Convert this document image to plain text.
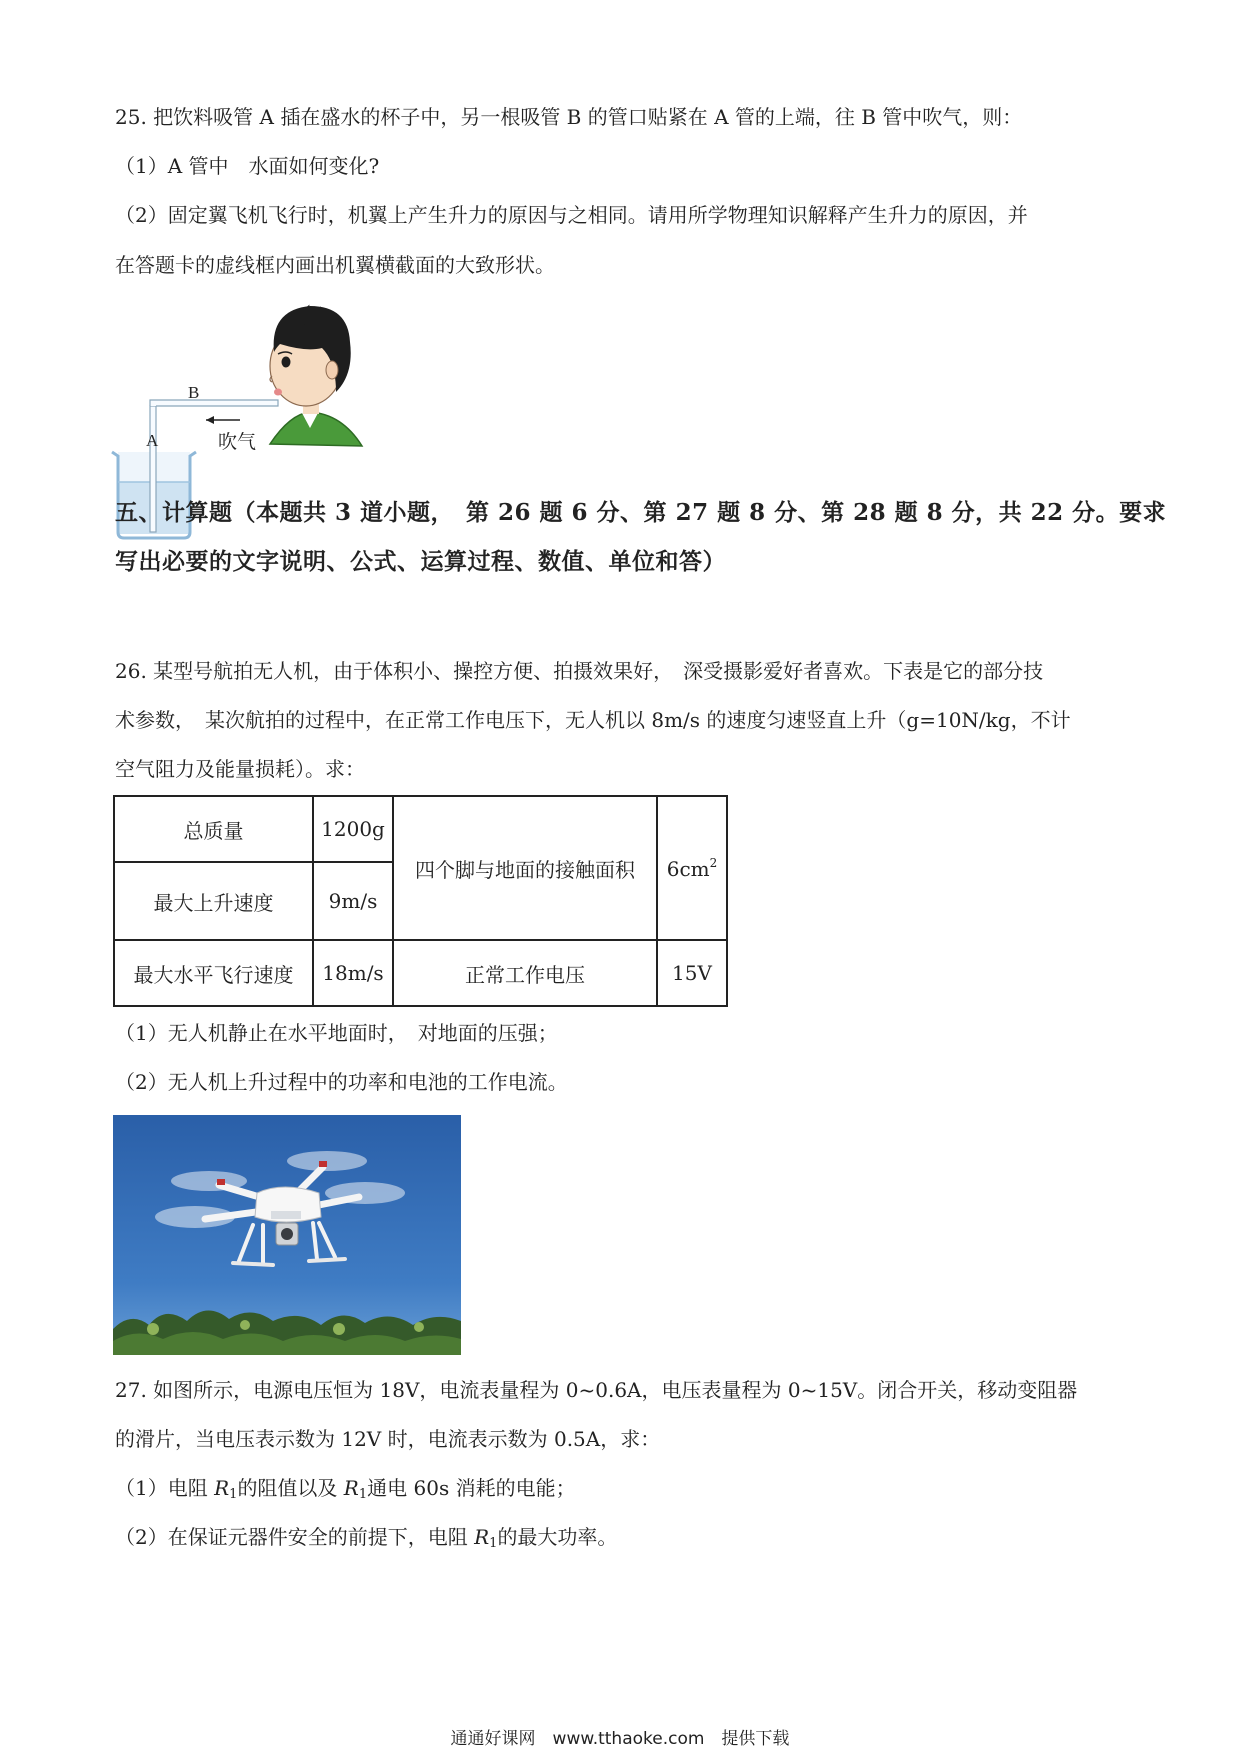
25. 把饮料吸管 A 插在盛水的杯子中，另一根吸管 B 的管口贴紧在 A 管的上端，往 B 管中吹气，则：
（1）A 管中　水面如何变化?
（2）固定翼飞机飞行时，机翼上产生升力的原因与之相同。请用所学物理知识解释产生升力的原因，并
在答题卡的虚线框内画出机翼横截面的大致形状。
B
A	吹气
五、计算题（本题共 3 道小题，　第 26 题 6 分、第 27 题 8 分、第 28 题 8 分，共 22 分。要求
写出必要的文字说明、公式、运算过程、数值、单位和答）
26. 某型号航拍无人机，由于体积小、操控方便、拍摄效果好，　深受摄影爱好者喜欢。下表是它的部分技
术参数，　某次航拍的过程中，在正常工作电压下，无人机以 8m/s 的速度匀速竖直上升（g=10N/kg，不计
空气阻力及能量损耗）。求：
总质量	1200g	四个脚与地面的接触面积	$6cm^2$
最大上升速度	9m/s		
最大水平飞行速度	18m/s	正常工作电压	15V
（1）无人机静止在水平地面时，　对地面的压强；
（2）无人机上升过程中的功率和电池的工作电流。
27. 如图所示，电源电压恒为 18V，电流表量程为 0~0.6A，电压表量程为 0~15V。闭合开关，移动变阻器
的滑片，当电压表示数为 12V 时，电流表示数为 0.5A，求：
（1）电阻 $R_1$的阻值以及 $R_1$通电 60s 消耗的电能；
（2）在保证元器件安全的前提下，电阻 $R_1$的最大功率。
通通好课网　www.tthaoke.com　提供下载
